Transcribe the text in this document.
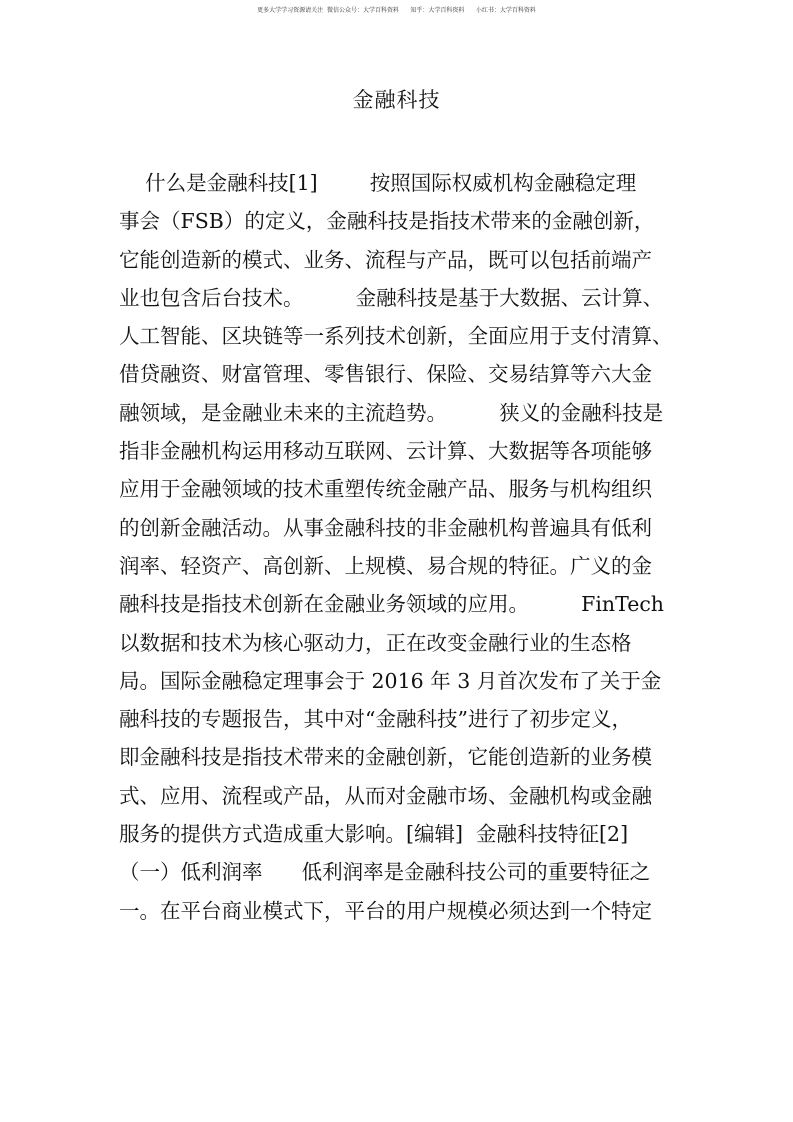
更多大学学习资源请关注  微信公众号：大学百科资料      知乎：大学百科资料      小红书：大学百科资料
金融科技
什么是金融科技[1]        按照国际权威机构金融稳定理
事会（FSB）的定义，金融科技是指技术带来的金融创新，
它能创造新的模式、业务、流程与产品，既可以包括前端产
业也包含后台技术。        金融科技是基于大数据、云计算、
人工智能、区块链等一系列技术创新，全面应用于支付清算、
借贷融资、财富管理、零售银行、保险、交易结算等六大金
融领域，是金融业未来的主流趋势。        狭义的金融科技是
指非金融机构运用移动互联网、云计算、大数据等各项能够
应用于金融领域的技术重塑传统金融产品、服务与机构组织
的创新金融活动。从事金融科技的非金融机构普遍具有低利
润率、轻资产、高创新、上规模、易合规的特征。广义的金
融科技是指技术创新在金融业务领域的应用。        FinTech
以数据和技术为核心驱动力，正在改变金融行业的生态格
局。国际金融稳定理事会于 2016 年 3 月首次发布了关于金
融科技的专题报告，其中对“金融科技”进行了初步定义，
即金融科技是指技术带来的金融创新，它能创造新的业务模
式、应用、流程或产品，从而对金融市场、金融机构或金融
服务的提供方式造成重大影响。[编辑]  金融科技特征[2]
（一）低利润率      低利润率是金融科技公司的重要特征之
一。在平台商业模式下，平台的用户规模必须达到一个特定
